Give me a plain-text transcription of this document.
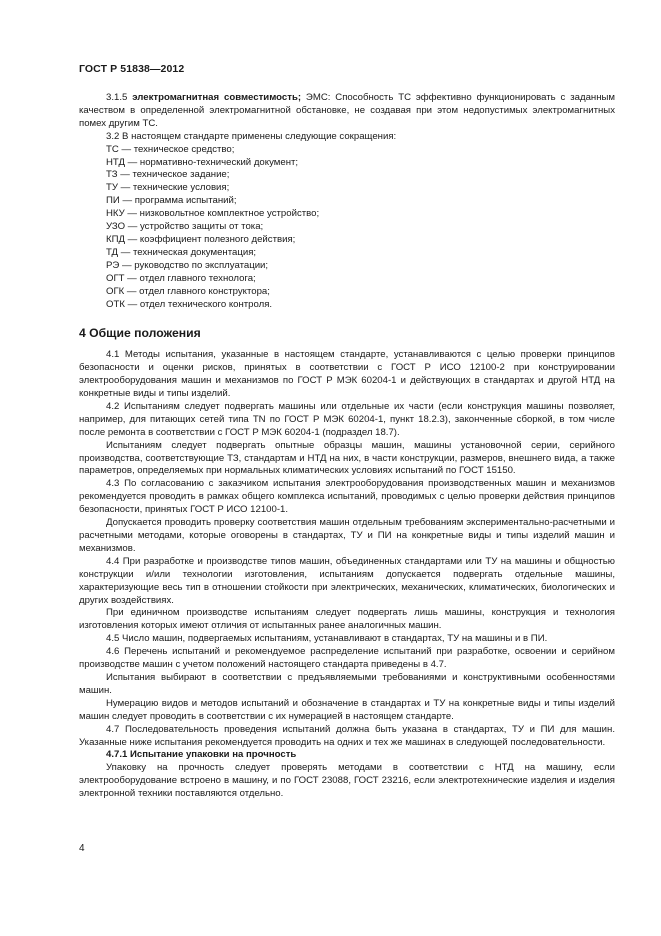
ГОСТ Р 51838—2012

3.1.5 электромагнитная совместимость; ЭМС: Способность ТС эффективно функционировать с заданным качеством в определенной электромагнитной обстановке, не создавая при этом недопустимых электромагнитных помех другим ТС.

3.2 В настоящем стандарте применены следующие сокращения:

ТС — техническое средство;
НТД — нормативно-технический документ;
ТЗ — техническое задание;
ТУ — технические условия;
ПИ — программа испытаний;
НКУ — низковольтное комплектное устройство;
УЗО — устройство защиты от тока;
КПД — коэффициент полезного действия;
ТД — техническая документация;
РЭ — руководство по эксплуатации;
ОГТ — отдел главного технолога;
ОГК — отдел главного конструктора;
ОТК — отдел технического контроля.
4 Общие положения

4.1 Методы испытания, указанные в настоящем стандарте, устанавливаются с целью проверки принципов безопасности и оценки рисков, принятых в соответствии с ГОСТ Р ИСО 12100-2 при конструировании электрооборудования машин и механизмов по ГОСТ Р МЭК 60204-1 и действующих в стандартах и другой НТД на конкретные виды и типы изделий.

4.2 Испытаниям следует подвергать машины или отдельные их части (если конструкция машины позволяет, например, для питающих сетей типа TN по ГОСТ Р МЭК 60204-1, пункт 18.2.3), законченные сборкой, в том числе после ремонта в соответствии с ГОСТ Р МЭК 60204-1 (подраздел 18.7).

Испытаниям следует подвергать опытные образцы машин, машины установочной серии, серийного производства, соответствующие ТЗ, стандартам и НТД на них, в части конструкции, размеров, внешнего вида, а также параметров, определяемых при нормальных климатических условиях испытаний по ГОСТ 15150.

4.3 По согласованию с заказчиком испытания электрооборудования производственных машин и механизмов рекомендуется проводить в рамках общего комплекса испытаний, проводимых с целью проверки действия принципов безопасности, принятых ГОСТ Р ИСО 12100-1.

Допускается проводить проверку соответствия машин отдельным требованиям экспериментально-расчетными и расчетными методами, которые оговорены в стандартах, ТУ и ПИ на конкретные виды и типы изделий машин и механизмов.

4.4 При разработке и производстве типов машин, объединенных стандартами или ТУ на машины и общностью конструкции и/или технологии изготовления, испытаниям допускается подвергать отдельные машины, характеризующие весь тип в отношении стойкости при электрических, механических, климатических, биологических и других воздействиях.

При единичном производстве испытаниям следует подвергать лишь машины, конструкция и технология изготовления которых имеют отличия от испытанных ранее аналогичных машин.

4.5 Число машин, подвергаемых испытаниям, устанавливают в стандартах, ТУ на машины и в ПИ.

4.6 Перечень испытаний и рекомендуемое распределение испытаний при разработке, освоении и серийном производстве машин с учетом положений настоящего стандарта приведены в 4.7.

Испытания выбирают в соответствии с предъявляемыми требованиями и конструктивными особенностями машин.

Нумерацию видов и методов испытаний и обозначение в стандартах и ТУ на конкретные виды и типы изделий машин следует проводить в соответствии с их нумерацией в настоящем стандарте.

4.7 Последовательность проведения испытаний должна быть указана в стандартах, ТУ и ПИ для машин. Указанные ниже испытания рекомендуется проводить на одних и тех же машинах в следующей последовательности.

4.7.1 Испытание упаковки на прочность

Упаковку на прочность следует проверять методами в соответствии с НТД на машину, если электрооборудование встроено в машину, и по ГОСТ 23088, ГОСТ 23216, если электротехнические изделия и изделия электронной техники поставляются отдельно.

4
